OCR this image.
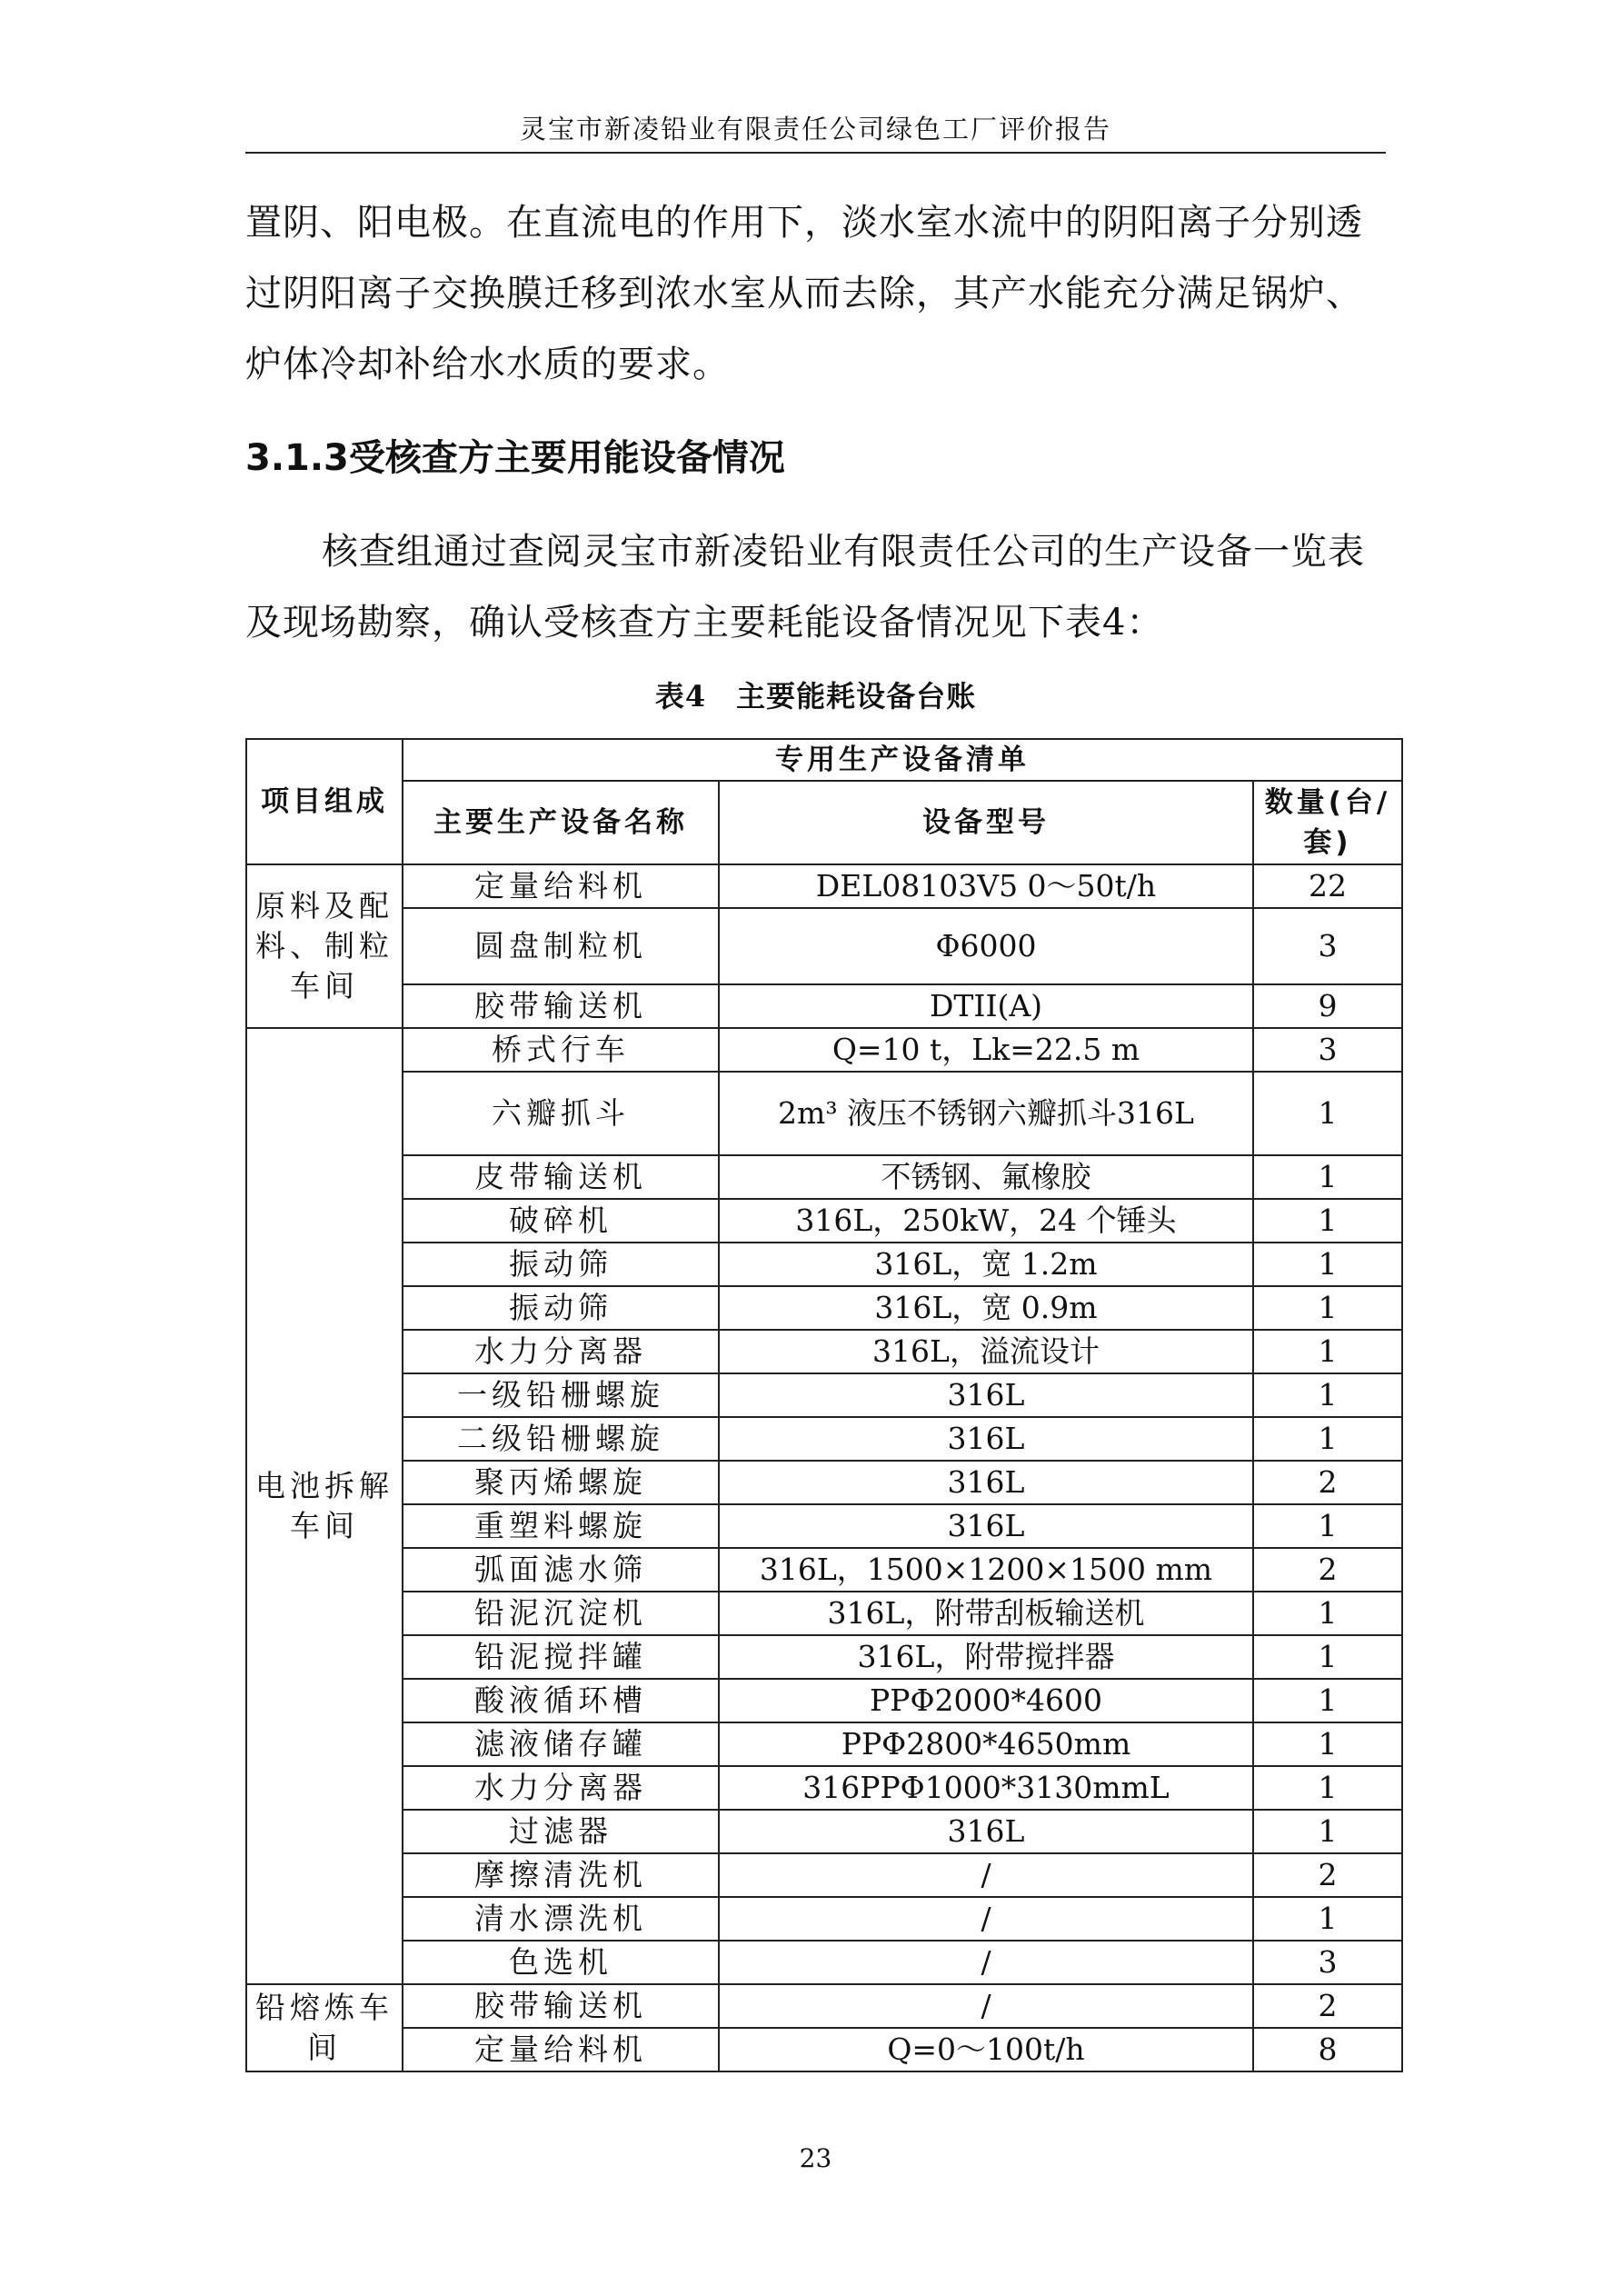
灵宝市新凌铅业有限责任公司绿色工厂评价报告

置阴、阳电极。在直流电的作用下，淡水室水流中的阴阳离子分别透过阴阳离子交换膜迁移到浓水室从而去除，其产水能充分满足锅炉、炉体冷却补给水水质的要求。

3.1.3受核查方主要用能设备情况

核查组通过查阅灵宝市新凌铅业有限责任公司的生产设备一览表及现场勘察，确认受核查方主要耗能设备情况见下表4：

表4　主要能耗设备台账
项目组成	专用生产设备清单		
	主要生产设备名称	设备型号	数量(台/套)
原料及配料、制粒车间	定量给料机	DEL08103V5 0～50t/h	22
	圆盘制粒机	Φ6000	3
	胶带输送机	DTII(A)	9
电池拆解车间	桥式行车	Q=10 t，Lk=22.5 m	3
	六瓣抓斗	2m³ 液压不锈钢六瓣抓斗316L	1
	皮带输送机	不锈钢、氟橡胶	1
	破碎机	316L，250kW，24 个锤头	1
	振动筛	316L，宽 1.2m	1
	振动筛	316L，宽 0.9m	1
	水力分离器	316L，溢流设计	1
	一级铅栅螺旋	316L	1
	二级铅栅螺旋	316L	1
	聚丙烯螺旋	316L	2
	重塑料螺旋	316L	1
	弧面滤水筛	316L，1500×1200×1500 mm	2
	铅泥沉淀机	316L，附带刮板输送机	1
	铅泥搅拌罐	316L，附带搅拌器	1
	酸液循环槽	PPΦ2000*4600	1
	滤液储存罐	PPΦ2800*4650mm	1
	水力分离器	316PPΦ1000*3130mmL	1
	过滤器	316L	1
	摩擦清洗机	/	2
	清水漂洗机	/	1
	色选机	/	3
铅熔炼车间	胶带输送机	/	2
	定量给料机	Q=0～100t/h	8
23
